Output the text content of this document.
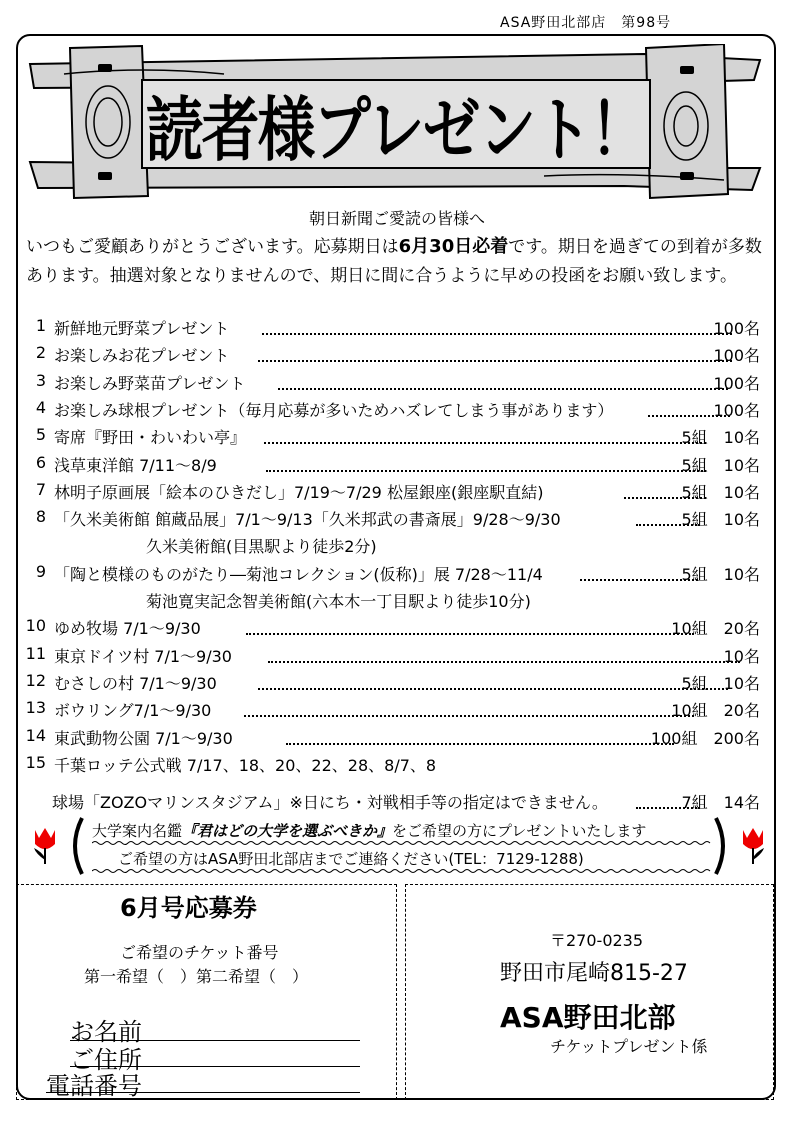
ASA野田北部店　第98号
読者様プレゼント！
朝日新聞ご愛読の皆様へ
いつもご愛顧ありがとうございます。応募期日は6月30日必着です。期日を過ぎての到着が多数あります。抽選対象となりませんので、期日に間に合うように早めの投函をお願い致します。
1 新鮮地元野菜プレゼント	100名
2 お楽しみお花プレゼント	100名
3 お楽しみ野菜苗プレゼント	100名
4 お楽しみ球根プレゼント（毎月応募が多いためハズレてしまう事があります）	100名
5 寄席『野田・わいわい亭』	5組　10名
6 浅草東洋館 7/11～8/9	5組　10名
7 林明子原画展「絵本のひきだし」7/19～7/29 松屋銀座(銀座駅直結)	5組　10名
8 「久米美術館 館蔵品展」7/1～9/13「久米邦武の書斎展」9/28～9/30	5組　10名
久米美術館(目黒駅より徒歩2分)
9 「陶と模様のものがたり―菊池コレクション(仮称)」展 7/28～11/4	5組　10名
菊池寛実記念智美術館(六本木一丁目駅より徒歩10分)
10 ゆめ牧場 7/1～9/30	10組　20名
11 東京ドイツ村 7/1～9/30	10名
12 むさしの村 7/1～9/30	5組　10名
13 ボウリング7/1～9/30	10組　20名
14 東武動物公園 7/1～9/30	100組　200名
15 千葉ロッテ公式戦 7/17、18、20、22、28、8/7、8
球場「ZOZOマリンスタジアム」※日にち・対戦相手等の指定はできません。	7組　14名
大学案内名鑑『君はどの大学を選ぶべきか』をご希望の方にプレゼントいたします
ご希望の方はASA野田北部店までご連絡ください(TEL：7129-1288)
6月号応募券
ご希望のチケット番号
第一希望（　）第二希望（　）
お名前
ご住所
電話番号
〒270-0235
野田市尾崎815-27
ASA野田北部
チケットプレゼント係
